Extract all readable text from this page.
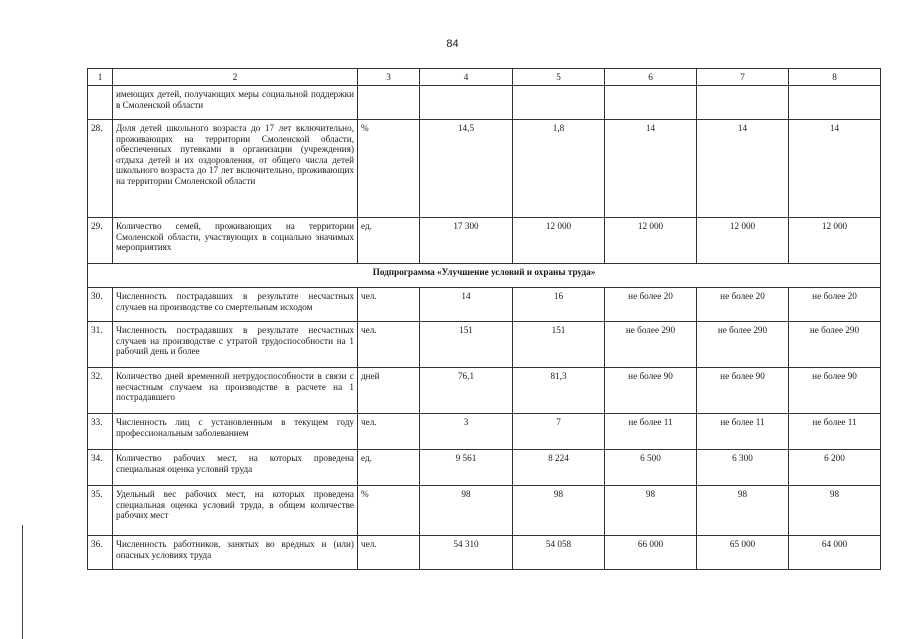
84
1	2	3	4	5	6	7	8
	имеющих детей, получающих меры социальной поддержки в Смоленской области						
28.	Доля детей школьного возраста до 17 лет включительно, проживающих на территории Смоленской области, обеспеченных путевками в организации (учреждения) отдыха детей и их оздоровления, от общего числа детей школьного возраста до 17 лет включительно, проживающих на территории Смоленской области	%	14,5	1,8	14	14	14
29.	Количество семей, проживающих на территории Смоленской области, участвующих в социально значимых мероприятиях	ед.	17 300	12 000	12 000	12 000	12 000
Подпрограмма «Улучшение условий и охраны труда»							
30.	Численность пострадавших в результате несчастных случаев на производстве со смертельным исходом	чел.	14	16	не более 20	не более 20	не более 20
31.	Численность пострадавших в результате несчастных случаев на производстве с утратой трудоспособности на 1 рабочий день и более	чел.	151	151	не более 290	не более 290	не более 290
32.	Количество дней временной нетрудоспособности в связи с несчастным случаем на производстве в расчете на 1 пострадавшего	дней	76,1	81,3	не более 90	не более 90	не более 90
33.	Численность лиц с установленным в текущем году профессиональным заболеванием	чел.	3	7	не более 11	не более 11	не более 11
34.	Количество рабочих мест, на которых проведена специальная оценка условий труда	ед.	9 561	8 224	6 500	6 300	6 200
35.	Удельный вес рабочих мест, на которых проведена специальная оценка условий труда, в общем количестве рабочих мест	%	98	98	98	98	98
36.	Численность работников, занятых во вредных и (или) опасных условиях труда	чел.	54 310	54 058	66 000	65 000	64 000
